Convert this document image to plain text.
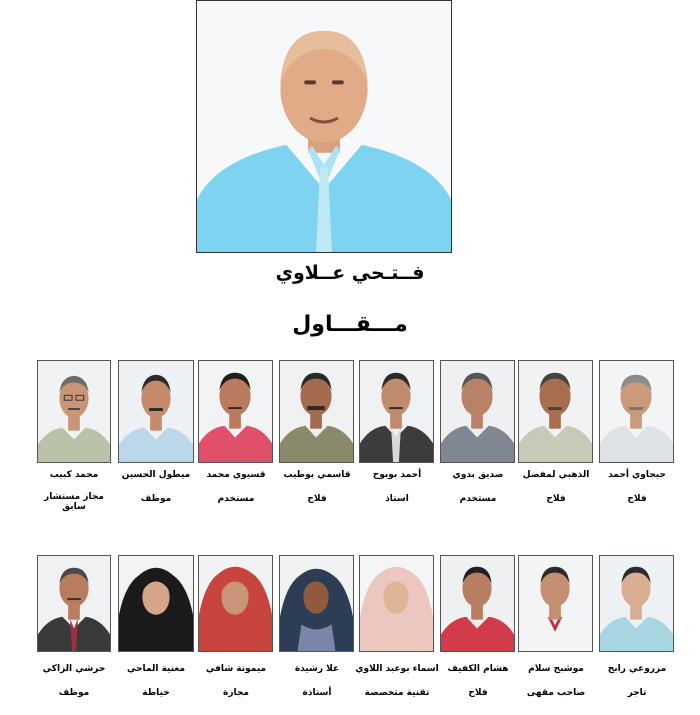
فــتـحي عــلاوي
مـــقـــاول
محمد كبيب
مجاز مستشار سابق
ميطول الحسين
موظف
قسيوي محمد
مستخدم
قاسمي بوطيب
فلاح
أحمد بوبوح
استاذ
صديق بدوي
مستخدم
الذهبي لمفضل
فلاح
حيجاوي أحمد
فلاح
حرشي الزاكي
موظف
مغنية الماحي
خياطة
ميمونة شافي
مجازة
علا رشيدة
أستاذة
اسماء بوعبد اللاوي
تقنية متخصصة
هشام الكفيف
فلاح
موشبح سلام
صاحب مقهى
مزروعي رابح
تاجر
